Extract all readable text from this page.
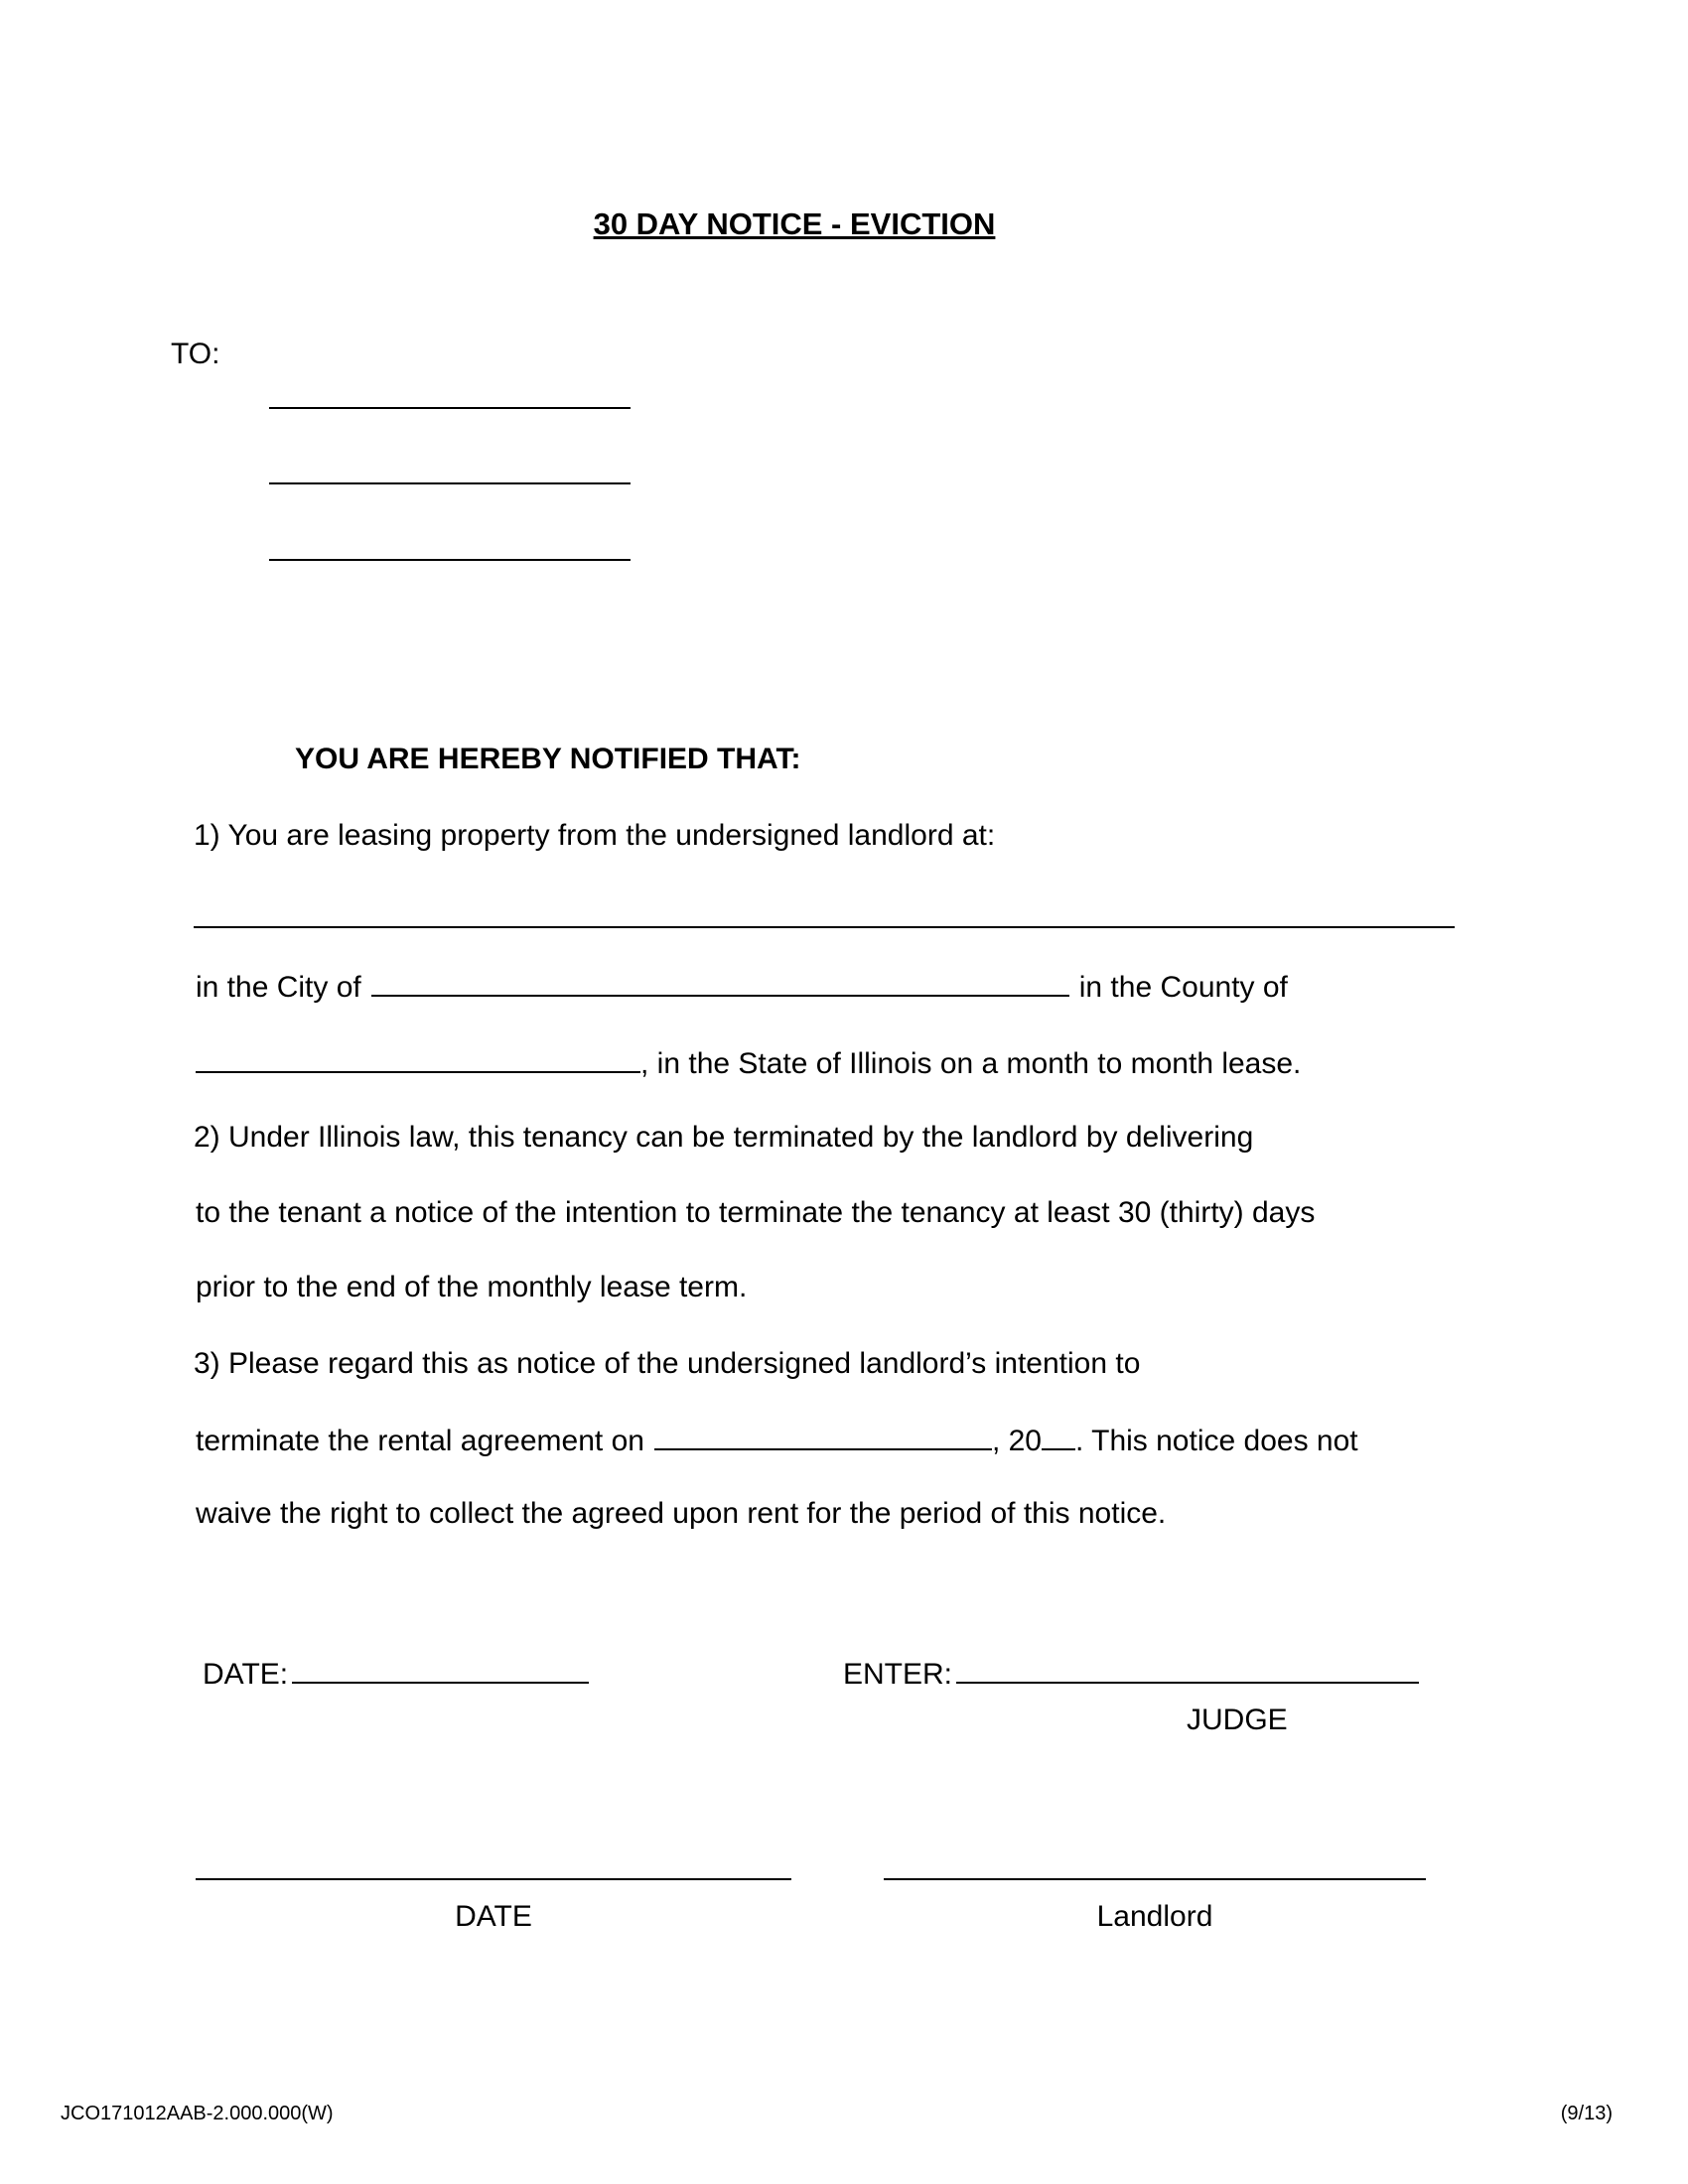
30 DAY NOTICE - EVICTION
TO:
YOU ARE HEREBY NOTIFIED THAT:
1) You are leasing property from the undersigned landlord at:
in the City of	in the County of
, in the State of Illinois on a month to month lease.
2) Under Illinois law, this tenancy can be terminated by the landlord by delivering
to the tenant a notice of the intention to terminate the tenancy at least 30 (thirty) days
prior to the end of the monthly lease term.
3) Please regard this as notice of the undersigned landlord’s intention to
terminate the rental agreement on	, 20 . This notice does not
waive the right to collect the agreed upon rent for the period of this notice.
DATE:	ENTER:
JUDGE
DATE	Landlord
JCO171012AAB-2.000.000(W)	(9/13)
